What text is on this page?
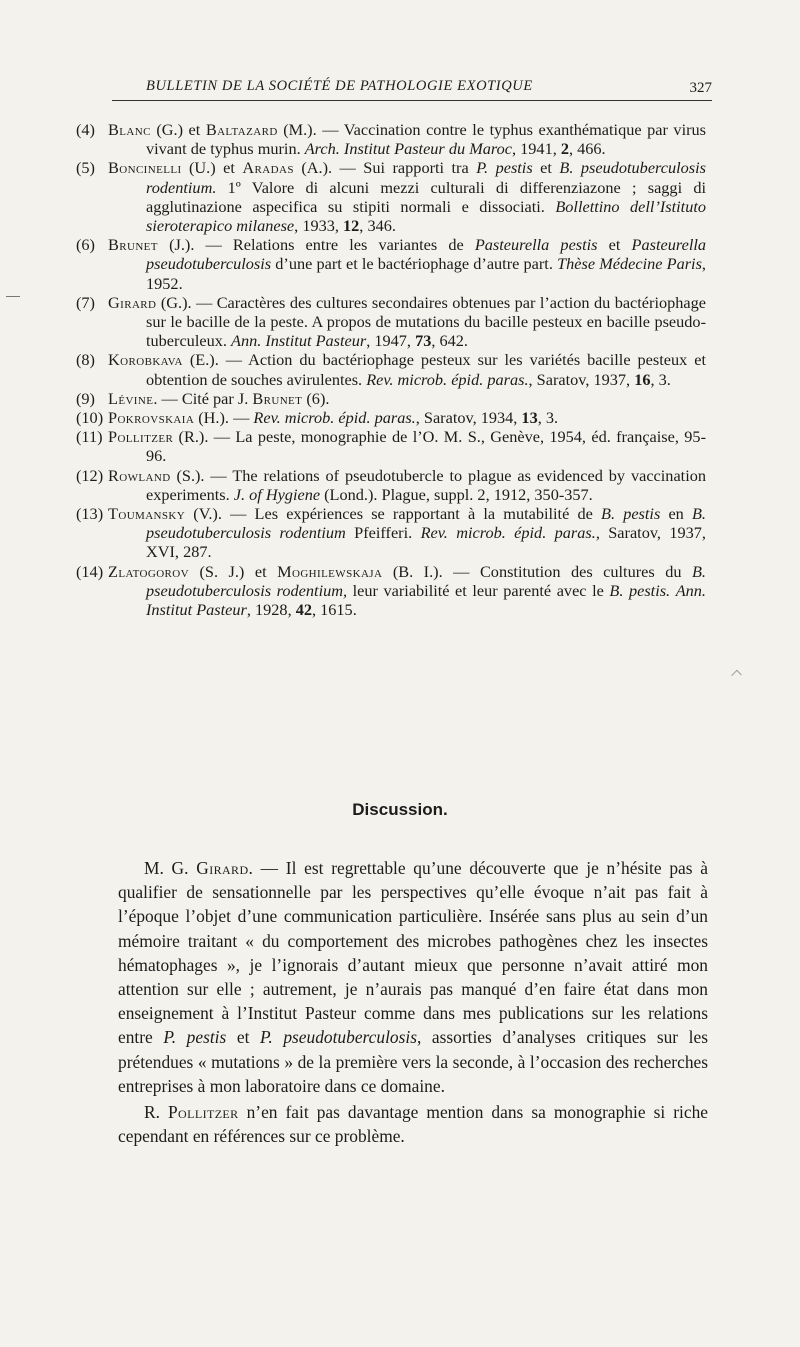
BULLETIN DE LA SOCIÉTÉ DE PATHOLOGIE EXOTIQUE	327

(4) Blanc (G.) et Baltazard (M.). — Vaccination contre le typhus exanthématique par virus vivant de typhus murin. Arch. Institut Pasteur du Maroc, 1941, 2, 466.

(5) Boncinelli (U.) et Aradas (A.). — Sui rapporti tra P. pestis et B. pseudotuberculosis rodentium. 1º Valore di alcuni mezzi culturali di differenziazone ; saggi di agglutinazione aspecifica su stipiti normali e dissociati. Bollettino dell’Istituto sieroterapico milanese, 1933, 12, 346.

(6) Brunet (J.). — Relations entre les variantes de Pasteurella pestis et Pasteurella pseudotuberculosis d’une part et le bactériophage d’autre part. Thèse Médecine Paris, 1952.

(7) Girard (G.). — Caractères des cultures secondaires obtenues par l’action du bactériophage sur le bacille de la peste. A propos de mutations du bacille pesteux en bacille pseudo-tuberculeux. Ann. Institut Pasteur, 1947, 73, 642.

(8) Korobkava (E.). — Action du bactériophage pesteux sur les variétés bacille pesteux et obtention de souches avirulentes. Rev. microb. épid. paras., Saratov, 1937, 16, 3.

(9) Lévine. — Cité par J. Brunet (6).

(10) Pokrovskaia (H.). — Rev. microb. épid. paras., Saratov, 1934, 13, 3.

(11) Pollitzer (R.). — La peste, monographie de l’O. M. S., Genève, 1954, éd. française, 95-96.

(12) Rowland (S.). — The relations of pseudotubercle to plague as evidenced by vaccination experiments. J. of Hygiene (Lond.). Plague, suppl. 2, 1912, 350-357.

(13) Toumansky (V.). — Les expériences se rapportant à la mutabilité de B. pestis en B. pseudotuberculosis rodentium Pfeifferi. Rev. microb. épid. paras., Saratov, 1937, XVI, 287.

(14) Zlatogorov (S. J.) et Moghilewskaja (B. I.). — Constitution des cultures du B. pseudotuberculosis rodentium, leur variabilité et leur parenté avec le B. pestis. Ann. Institut Pasteur, 1928, 42, 1615.

Discussion.

M. G. Girard. — Il est regrettable qu’une découverte que je n’hésite pas à qualifier de sensationnelle par les perspectives qu’elle évoque n’ait pas fait à l’époque l’objet d’une communication particulière. Insérée sans plus au sein d’un mémoire traitant « du comportement des microbes pathogènes chez les insectes hématophages », je l’ignorais d’autant mieux que personne n’avait attiré mon attention sur elle ; autrement, je n’aurais pas manqué d’en faire état dans mon enseignement à l’Institut Pasteur comme dans mes publications sur les relations entre P. pestis et P. pseudotuberculosis, assorties d’analyses critiques sur les prétendues « mutations » de la première vers la seconde, à l’occasion des recherches entreprises à mon laboratoire dans ce domaine.

R. Pollitzer n’en fait pas davantage mention dans sa monographie si riche cependant en références sur ce problème.
